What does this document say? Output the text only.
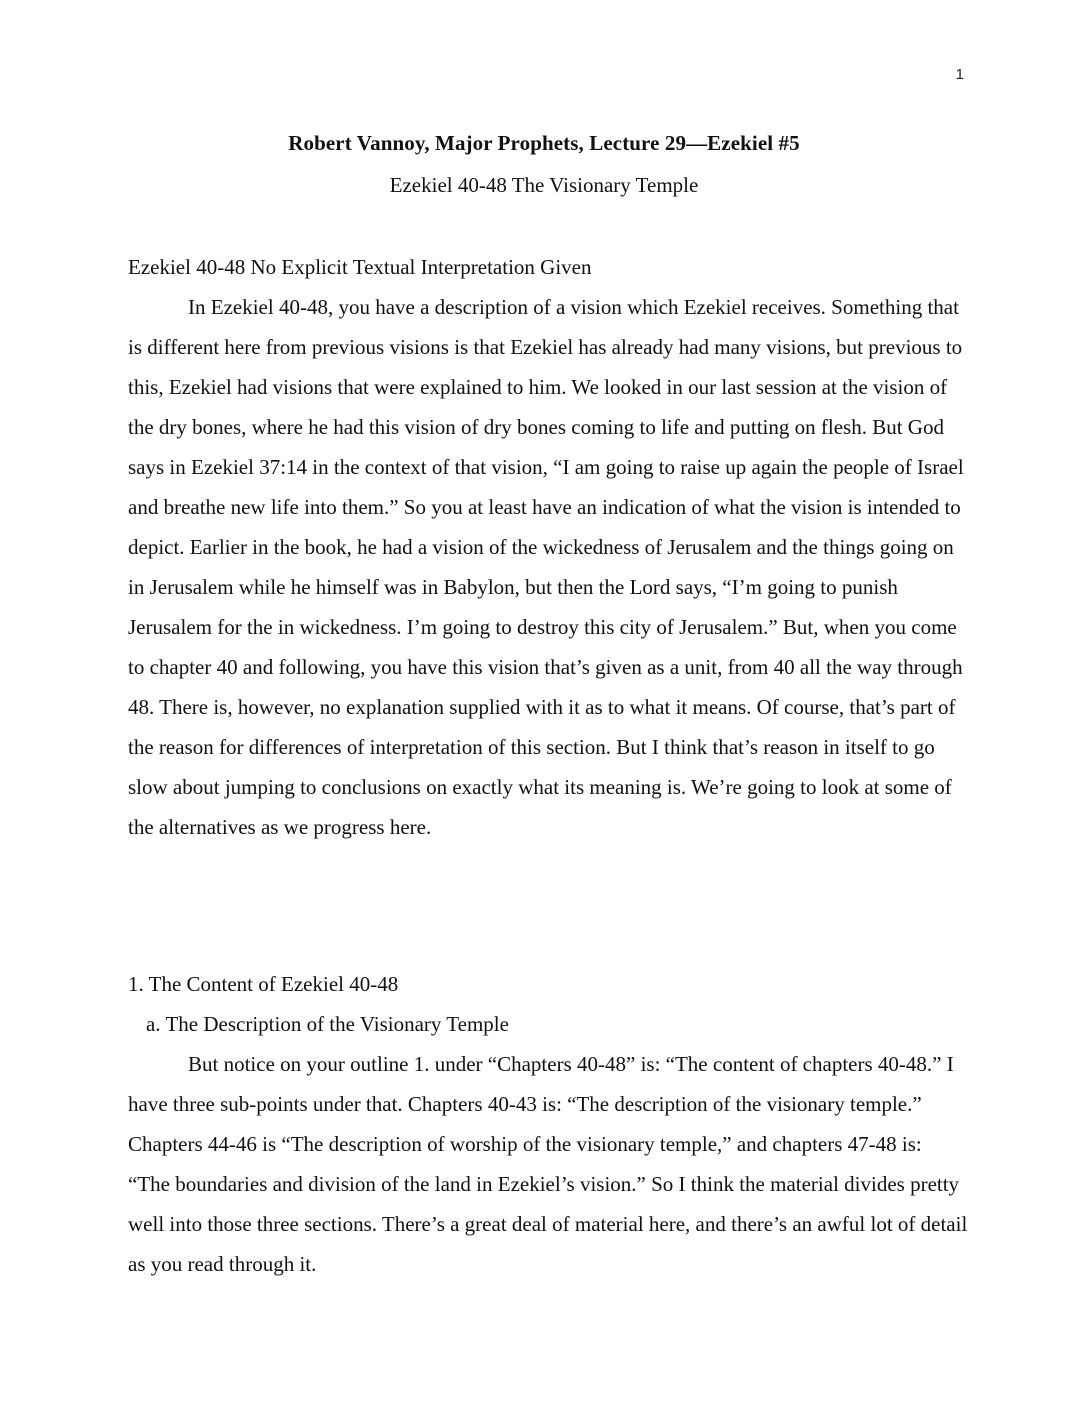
1
Robert Vannoy, Major Prophets, Lecture 29—Ezekiel #5
Ezekiel 40-48 The Visionary Temple

Ezekiel 40-48 No Explicit Textual Interpretation Given

In Ezekiel 40-48, you have a description of a vision which Ezekiel receives. Something that is different here from previous visions is that Ezekiel has already had many visions, but previous to this, Ezekiel had visions that were explained to him. We looked in our last session at the vision of the dry bones, where he had this vision of dry bones coming to life and putting on flesh. But God says in Ezekiel 37:14 in the context of that vision, “I am going to raise up again the people of Israel and breathe new life into them.” So you at least have an indication of what the vision is intended to depict. Earlier in the book, he had a vision of the wickedness of Jerusalem and the things going on in Jerusalem while he himself was in Babylon, but then the Lord says, “I’m going to punish Jerusalem for the in wickedness. I’m going to destroy this city of Jerusalem.” But, when you come to chapter 40 and following, you have this vision that’s given as a unit, from 40 all the way through 48. There is, however, no explanation supplied with it as to what it means. Of course, that’s part of the reason for differences of interpretation of this section. But I think that’s reason in itself to go slow about jumping to conclusions on exactly what its meaning is. We’re going to look at some of the alternatives as we progress here.

1. The Content of Ezekiel 40-48

a. The Description of the Visionary Temple

But notice on your outline 1. under “Chapters 40-48” is: “The content of chapters 40-48.” I have three sub-points under that. Chapters 40-43 is: “The description of the visionary temple.” Chapters 44-46 is “The description of worship of the visionary temple,” and chapters 47-48 is: “The boundaries and division of the land in Ezekiel’s vision.” So I think the material divides pretty well into those three sections. There’s a great deal of material here, and there’s an awful lot of detail as you read through it.
